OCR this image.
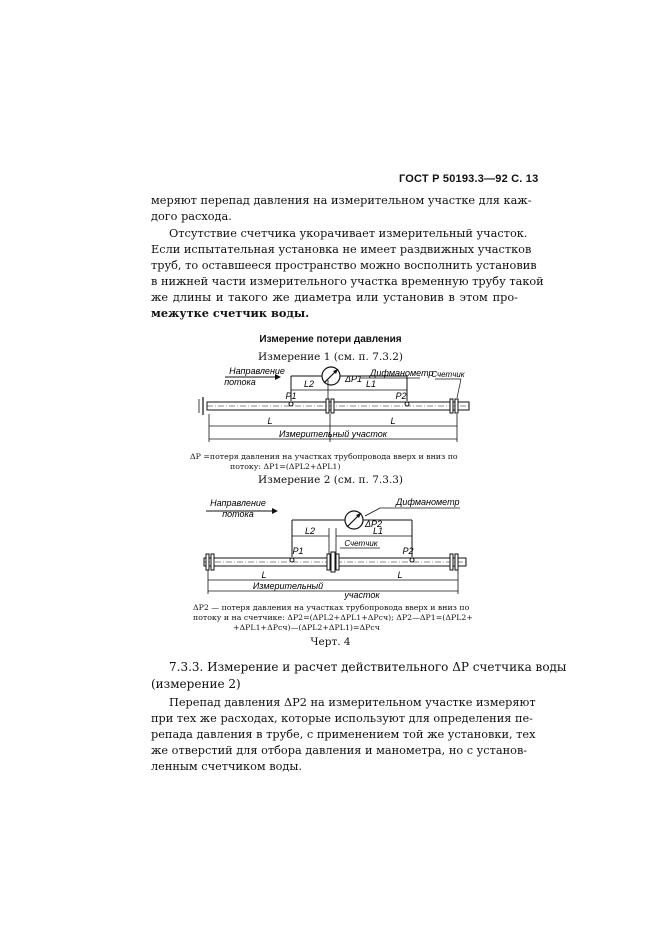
ГОСТ Р 50193.3—92 С. 13
меряют перепад давления на измерительном участке для каж-
дого расхода.
Отсутствие счетчика укорачивает измерительный участок.
Если испытательная установка не имеет раздвижных участков
труб, то оставшееся пространство можно восполнить установив
в нижней части измерительного участка временную трубу такой
же длины и такого же диаметра или установив в этом про-
межутке счетчик воды.
Измерение потери давления
Измерение 1 (см. п. 7.3.2)
Направление
потока	ΔP1
Дифманометр
L2	L1
Счетчик
P1	P2
L	L
Измерительный участок
ΔP =потеря давления на участках трубопровода вверх и вниз по
потоку: ΔP1=(ΔPL2+ΔPL1)
Измерение 2 (см. п. 7.3.3)
Направление
потока
ΔP2
Дифманометр
L2	L1
Счетчик
P1	P2
L	L
Измерительный
участок
ΔP2 — потеря давления на участках трубопровода вверх и вниз по
потоку и на счетчике: ΔP2=(ΔPL2+ΔPL1+ΔPсч); ΔP2—ΔP1=(ΔPL2+
+ΔPL1+ΔPсч)—(ΔPL2+ΔPL1)=ΔPсч
Черт. 4
7.3.3. Измерение и расчет действительного ΔP счетчика воды
(измерение 2)
Перепад давления ΔP2 на измерительном участке измеряют
при тех же расходах, которые используют для определения пе-
репада давления в трубе, с применением той же установки, тех
же отверстий для отбора давления и манометра, но с установ-
ленным счетчиком воды.
